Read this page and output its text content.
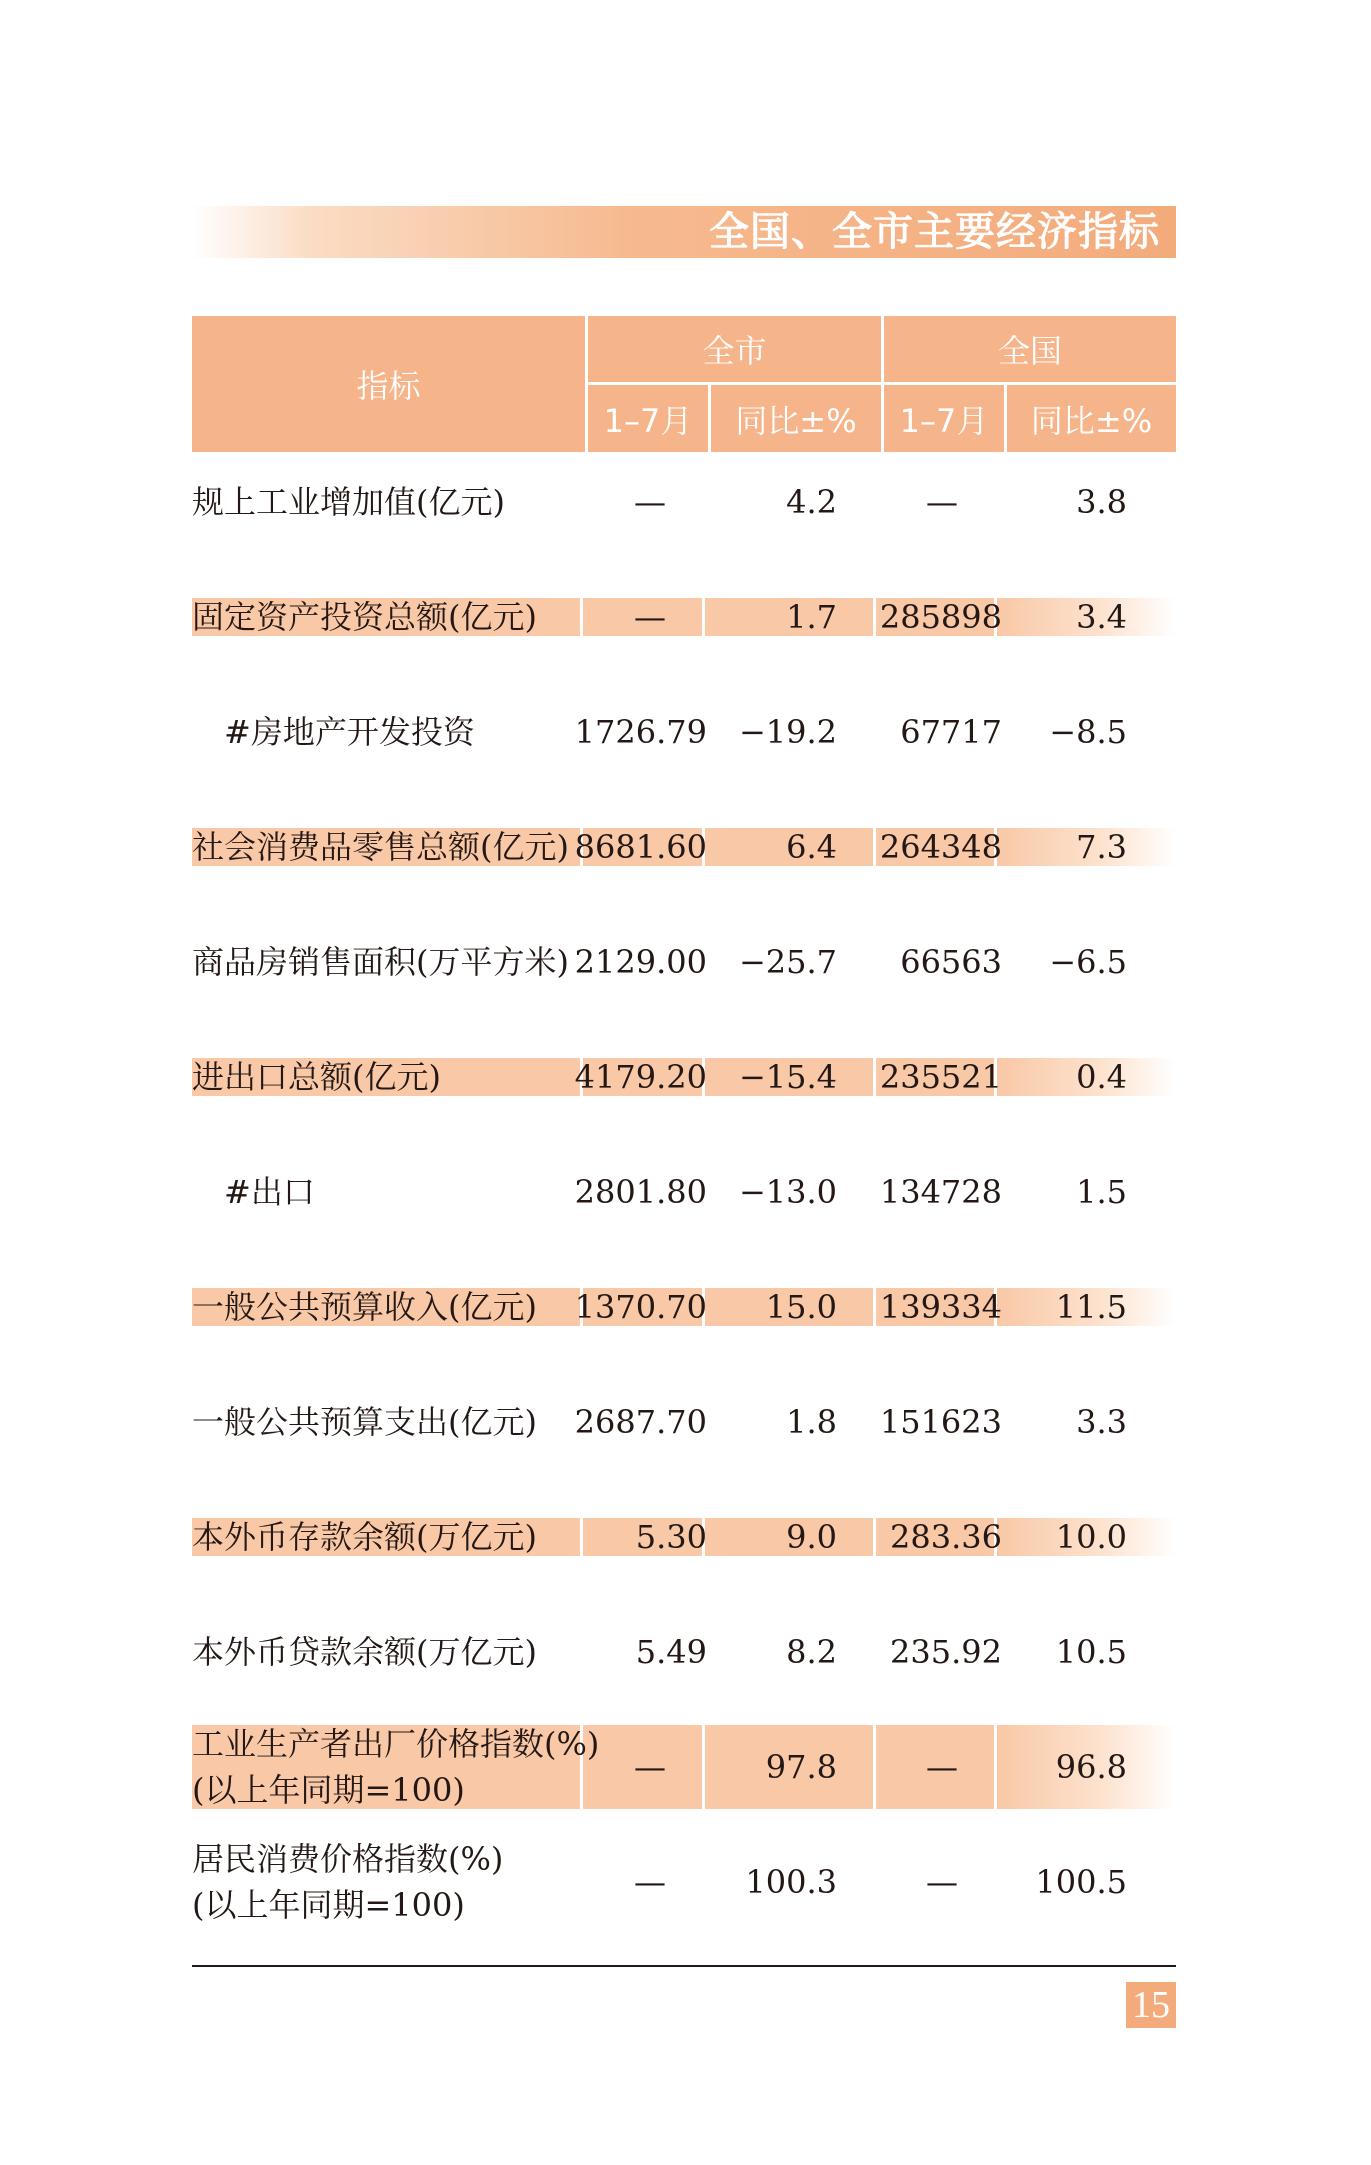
全国、全市主要经济指标
指标
全市	全国
1–7月	同比±%	1–7月	同比±%
规上工业增加值(亿元)	—	4.2	—	3.8
固定资产投资总额(亿元)	—	1.7	285898	3.4
#房地产开发投资	1726.79 −19.2	67717	−8.5
社会消费品零售总额(亿元) 8681.60	6.4	264348	7.3
商品房销售面积(万平方米) 2129.00 −25.7	66563	−6.5
进出口总额(亿元)	4179.20 −15.4	235521	0.4
#出口	2801.80 −13.0	134728	1.5
一般公共预算收入(亿元)	1370.70	15.0	139334	11.5
一般公共预算支出(亿元)	2687.70	1.8	151623	3.3
本外币存款余额(万亿元)	5.30	9.0	283.36	10.0
本外币贷款余额(万亿元)	5.49	8.2	235.92	10.5
工业生产者出厂价格指数(%)
(以上年同期=100)
—	97.8	—	96.8
居民消费价格指数(%)
(以上年同期=100)
—	100.3	—	100.5
15
